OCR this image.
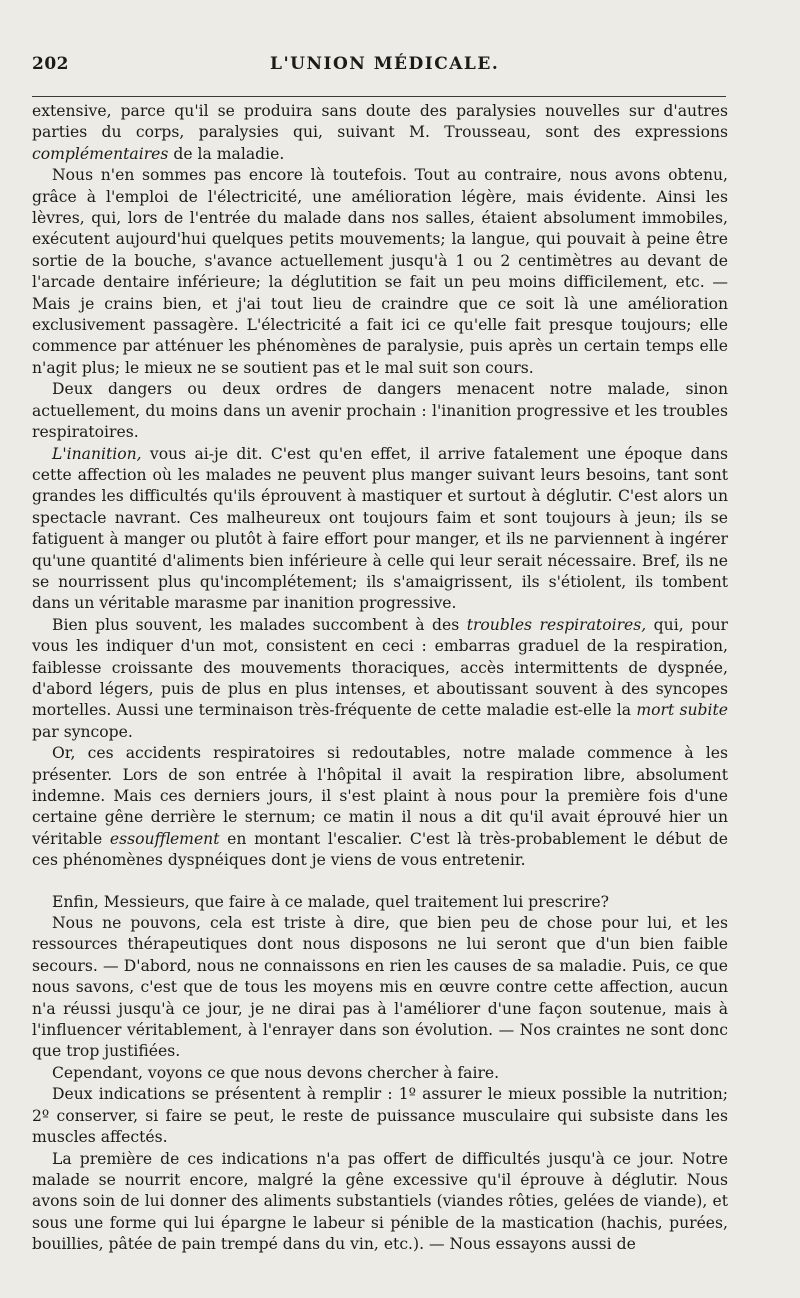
202	L'UNION MÉDICALE.

extensive, parce qu'il se produira sans doute des paralysies nouvelles sur d'autres parties du corps, paralysies qui, suivant M. Trousseau, sont des expressions complémentaires de la maladie.

Nous n'en sommes pas encore là toutefois. Tout au contraire, nous avons obtenu, grâce à l'emploi de l'électricité, une amélioration légère, mais évidente. Ainsi les lèvres, qui, lors de l'entrée du malade dans nos salles, étaient absolument immobiles, exécutent aujourd'hui quelques petits mouvements; la langue, qui pouvait à peine être sortie de la bouche, s'avance actuellement jusqu'à 1 ou 2 centimètres au devant de l'arcade dentaire inférieure; la déglutition se fait un peu moins difficilement, etc. — Mais je crains bien, et j'ai tout lieu de craindre que ce soit là une amélioration exclusivement passagère. L'électricité a fait ici ce qu'elle fait presque toujours; elle commence par atténuer les phénomènes de paralysie, puis après un certain temps elle n'agit plus; le mieux ne se soutient pas et le mal suit son cours.

Deux dangers ou deux ordres de dangers menacent notre malade, sinon actuellement, du moins dans un avenir prochain : l'inanition progressive et les troubles respiratoires.

L'inanition, vous ai-je dit. C'est qu'en effet, il arrive fatalement une époque dans cette affection où les malades ne peuvent plus manger suivant leurs besoins, tant sont grandes les difficultés qu'ils éprouvent à mastiquer et surtout à déglutir. C'est alors un spectacle navrant. Ces malheureux ont toujours faim et sont toujours à jeun; ils se fatiguent à manger ou plutôt à faire effort pour manger, et ils ne parviennent à ingérer qu'une quantité d'aliments bien inférieure à celle qui leur serait nécessaire. Bref, ils ne se nourrissent plus qu'incomplétement; ils s'amaigrissent, ils s'étiolent, ils tombent dans un véritable marasme par inanition progressive.

Bien plus souvent, les malades succombent à des troubles respiratoires, qui, pour vous les indiquer d'un mot, consistent en ceci : embarras graduel de la respiration, faiblesse croissante des mouvements thoraciques, accès intermittents de dyspnée, d'abord légers, puis de plus en plus intenses, et aboutissant souvent à des syncopes mortelles. Aussi une terminaison très-fréquente de cette maladie est-elle la mort subite par syncope.

Or, ces accidents respiratoires si redoutables, notre malade commence à les présenter. Lors de son entrée à l'hôpital il avait la respiration libre, absolument indemne. Mais ces derniers jours, il s'est plaint à nous pour la première fois d'une certaine gêne derrière le sternum; ce matin il nous a dit qu'il avait éprouvé hier un véritable essoufflement en montant l'escalier. C'est là très-probablement le début de ces phénomènes dyspnéiques dont je viens de vous entretenir.

Enfin, Messieurs, que faire à ce malade, quel traitement lui prescrire?

Nous ne pouvons, cela est triste à dire, que bien peu de chose pour lui, et les ressources thérapeutiques dont nous disposons ne lui seront que d'un bien faible secours. — D'abord, nous ne connaissons en rien les causes de sa maladie. Puis, ce que nous savons, c'est que de tous les moyens mis en œuvre contre cette affection, aucun n'a réussi jusqu'à ce jour, je ne dirai pas à l'améliorer d'une façon soutenue, mais à l'influencer véritablement, à l'enrayer dans son évolution. — Nos craintes ne sont donc que trop justifiées.

Cependant, voyons ce que nous devons chercher à faire.

Deux indications se présentent à remplir : 1º assurer le mieux possible la nutrition; 2º conserver, si faire se peut, le reste de puissance musculaire qui subsiste dans les muscles affectés.

La première de ces indications n'a pas offert de difficultés jusqu'à ce jour. Notre malade se nourrit encore, malgré la gêne excessive qu'il éprouve à déglutir. Nous avons soin de lui donner des aliments substantiels (viandes rôties, gelées de viande), et sous une forme qui lui épargne le labeur si pénible de la mastication (hachis, purées, bouillies, pâtée de pain trempé dans du vin, etc.). — Nous essayons aussi de
